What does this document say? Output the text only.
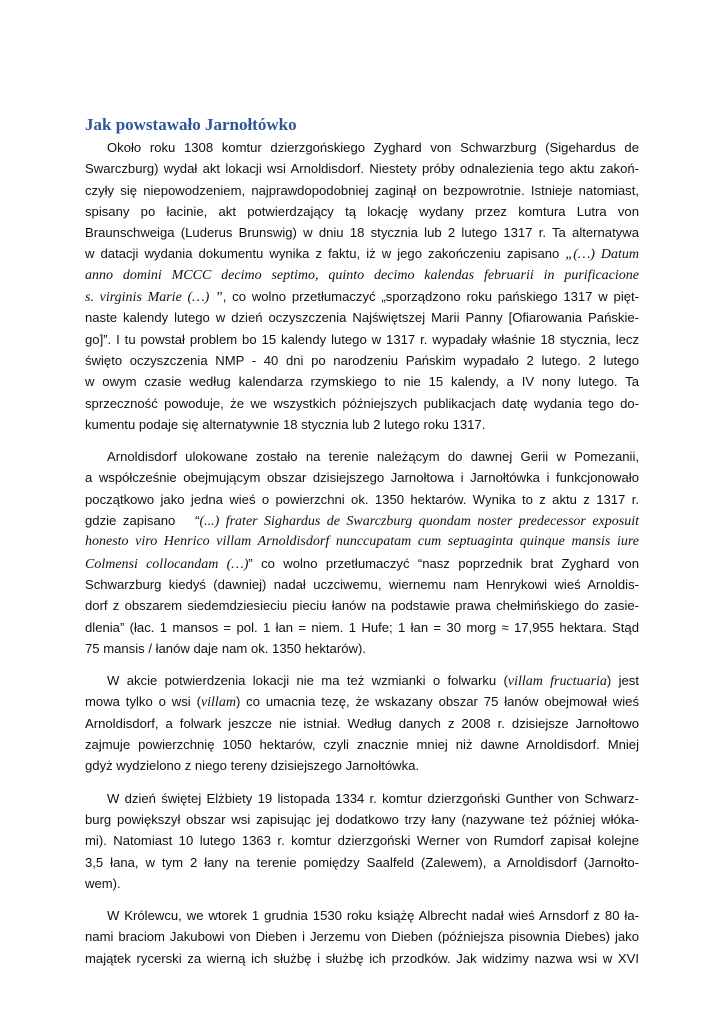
Jak powstawało Jarnołtówko
Około roku 1308 komtur dzierzgońskiego Zyghard von Schwarzburg (Sigehardus de
Swarczburg) wydał akt lokacji wsi Arnoldisdorf. Niestety próby odnalezienia tego aktu zakoń-
czyły się niepowodzeniem, najprawdopodobniej zaginął on bezpowrotnie. Istnieje natomiast,
spisany po łacinie, akt potwierdzający tą lokację wydany przez komtura Lutra von
Braunschweiga (Luderus Brunswig) w dniu 18 stycznia lub 2 lutego 1317 r. Ta alternatywa
w datacji wydania dokumentu wynika z faktu, iż w jego zakończeniu zapisano „(…) Datum
anno domini MCCC decimo septimo, quinto decimo kalendas februarii in purificacione
s. virginis Marie (…) ”, co wolno przetłumaczyć „sporządzono roku pańskiego 1317 w pięt-
naste kalendy lutego w dzień oczyszczenia Najświętszej Marii Panny [Ofiarowania Pańskie-
go]”. I tu powstał problem bo 15 kalendy lutego w 1317 r. wypadały właśnie 18 stycznia, lecz
święto oczyszczenia NMP - 40 dni po narodzeniu Pańskim wypadało 2 lutego. 2 lutego
w owym czasie według kalendarza rzymskiego to nie 15 kalendy, a IV nony lutego. Ta
sprzeczność powoduje, że we wszystkich późniejszych publikacjach datę wydania tego do-
kumentu podaje się alternatywnie 18 stycznia lub 2 lutego roku 1317.
Arnoldisdorf ulokowane zostało na terenie należącym do dawnej Gerii w Pomezanii,
a współcześnie obejmującym obszar dzisiejszego Jarnołtowa i Jarnołtówka i funkcjonowało
początkowo jako jedna wieś o powierzchni ok. 1350 hektarów. Wynika to z aktu z 1317 r.
gdzie zapisano   “(...) frater Sighardus de Swarczburg quondam noster predecessor exposuit
honesto viro Henrico villam Arnoldisdorf nunccupatam cum septuaginta quinque mansis iure
Colmensi collocandam (…)” co wolno przetłumaczyć “nasz poprzednik brat Zyghard von
Schwarzburg kiedyś (dawniej) nadał uczciwemu, wiernemu nam Henrykowi wieś Arnoldis-
dorf z obszarem siedemdziesieciu pieciu łanów na podstawie prawa chełmińskiego do zasie-
dlenia” (łac. 1 mansos = pol. 1 łan = niem. 1 Hufe; 1 łan = 30 morg ≈ 17,955 hektara. Stąd
75 mansis / łanów daje nam ok. 1350 hektarów).
W akcie potwierdzenia lokacji nie ma też wzmianki o folwarku (villam fructuaria) jest
mowa tylko o wsi (villam) co umacnia tezę, że wskazany obszar 75 łanów obejmował wieś
Arnoldisdorf, a folwark jeszcze nie istniał. Według danych z 2008 r. dzisiejsze Jarnołtowo
zajmuje powierzchnię 1050 hektarów, czyli znacznie mniej niż dawne Arnoldisdorf. Mniej
gdyż wydzielono z niego tereny dzisiejszego Jarnołtówka.
W dzień świętej Elżbiety 19 listopada 1334 r. komtur dzierzgoński Gunther von Schwarz-
burg powiększył obszar wsi zapisując jej dodatkowo trzy łany (nazywane też później włóka-
mi). Natomiast 10 lutego 1363 r. komtur dzierzgoński Werner von Rumdorf zapisał kolejne
3,5 łana, w tym 2 łany na terenie pomiędzy Saalfeld (Zalewem), a Arnoldisdorf (Jarnołto-
wem).
W Królewcu, we wtorek 1 grudnia 1530 roku książę Albrecht nadał wieś Arnsdorf z 80 ła-
nami braciom Jakubowi von Dieben i Jerzemu von Dieben (późniejsza pisownia Diebes) jako
majątek rycerski za wierną ich służbę i służbę ich przodków. Jak widzimy nazwa wsi w XVI
